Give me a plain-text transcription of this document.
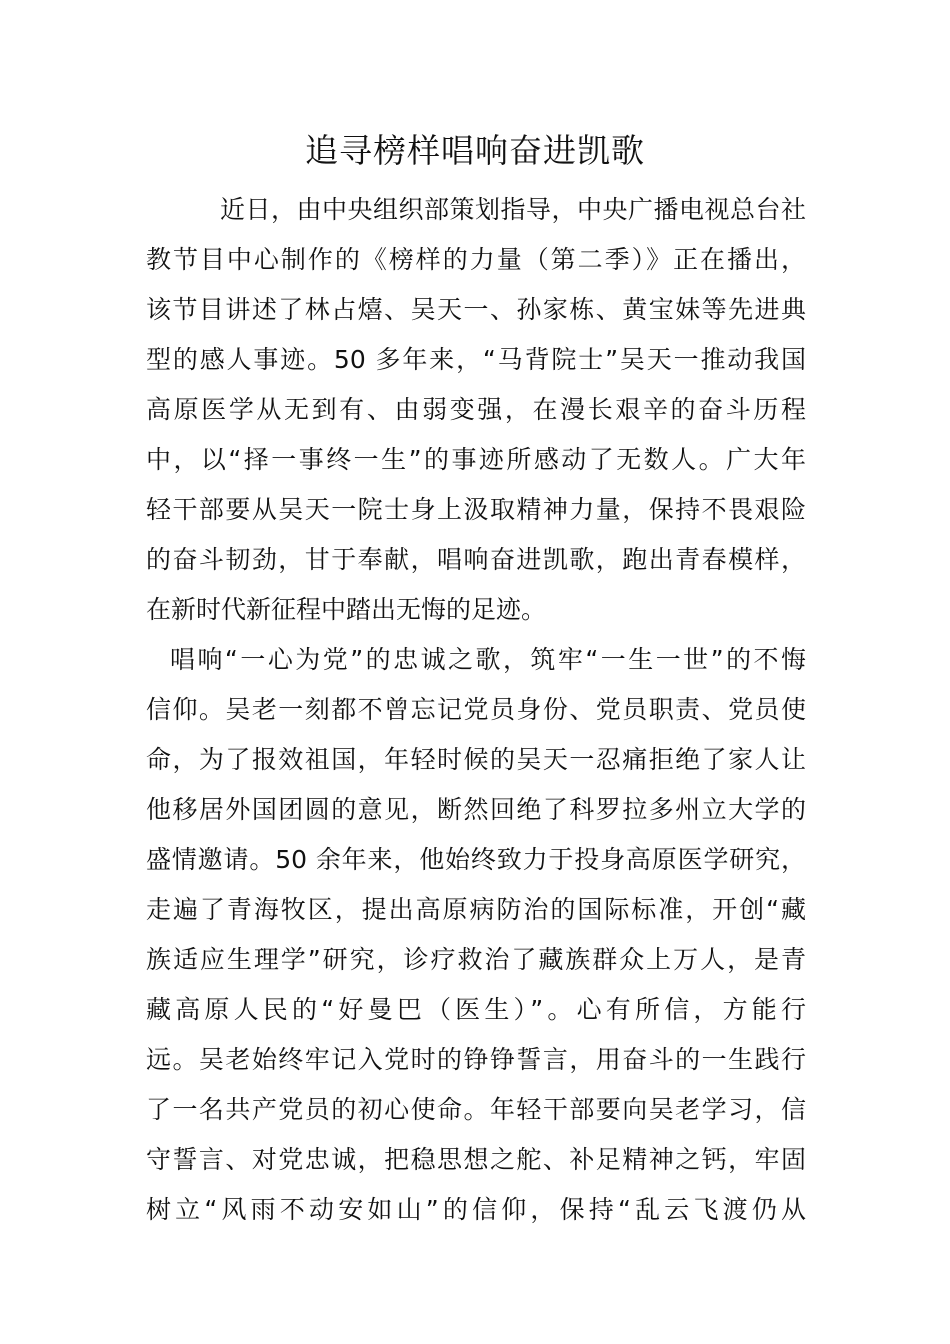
追寻榜样唱响奋进凯歌

近日，由中央组织部策划指导，中央广播电视总台社

教节目中心制作的《榜样的力量（第二季）》正在播出，

该节目讲述了林占熺、吴天一、孙家栋、黄宝妹等先进典

型的感人事迹。50 多年来，“马背院士”吴天一推动我国

高原医学从无到有、由弱变强，在漫长艰辛的奋斗历程

中，以“择一事终一生”的事迹所感动了无数人。广大年

轻干部要从吴天一院士身上汲取精神力量，保持不畏艰险

的奋斗韧劲，甘于奉献，唱响奋进凯歌，跑出青春模样，

在新时代新征程中踏出无悔的足迹。

唱响“一心为党”的忠诚之歌，筑牢“一生一世”的不悔

信仰。吴老一刻都不曾忘记党员身份、党员职责、党员使

命，为了报效祖国，年轻时候的吴天一忍痛拒绝了家人让

他移居外国团圆的意见，断然回绝了科罗拉多州立大学的

盛情邀请。50 余年来，他始终致力于投身高原医学研究，

走遍了青海牧区，提出高原病防治的国际标准，开创“藏

族适应生理学”研究，诊疗救治了藏族群众上万人，是青

藏高原人民的“好曼巴（医生）”。心有所信，方能行

远。吴老始终牢记入党时的铮铮誓言，用奋斗的一生践行

了一名共产党员的初心使命。年轻干部要向吴老学习，信

守誓言、对党忠诚，把稳思想之舵、补足精神之钙，牢固

树立“风雨不动安如山”的信仰，保持“乱云飞渡仍从
